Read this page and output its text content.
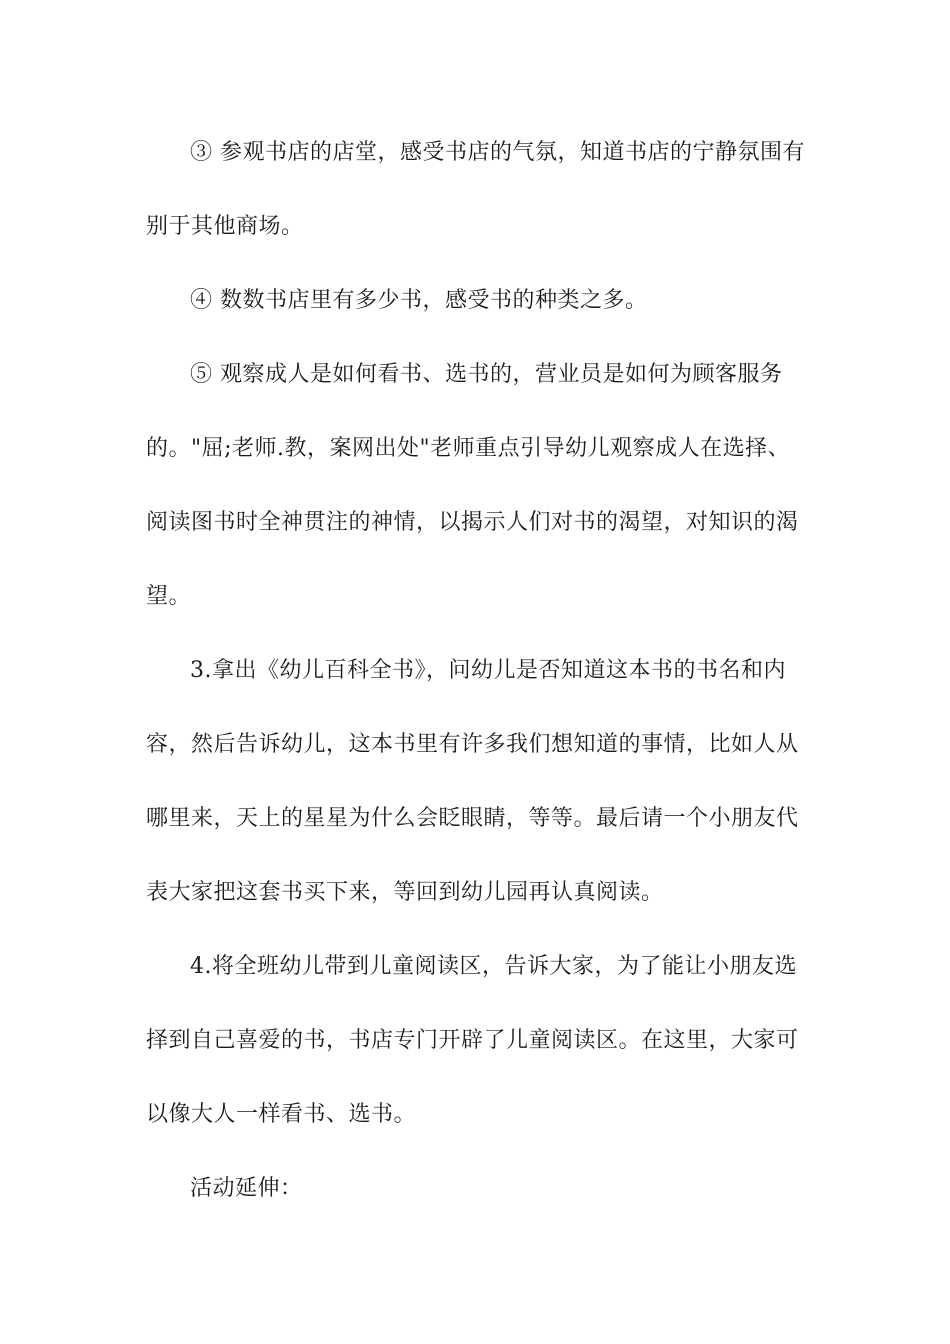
③ 参观书店的店堂，感受书店的气氛，知道书店的宁静氛围有
别于其他商场。
④ 数数书店里有多少书，感受书的种类之多。
⑤ 观察成人是如何看书、选书的，营业员是如何为顾客服务
的。"屈;老师.教，案网出处"老师重点引导幼儿观察成人在选择、
阅读图书时全神贯注的神情，以揭示人们对书的渴望，对知识的渴
望。
3.拿出《幼儿百科全书》，问幼儿是否知道这本书的书名和内
容，然后告诉幼儿，这本书里有许多我们想知道的事情，比如人从
哪里来，天上的星星为什么会眨眼睛，等等。最后请一个小朋友代
表大家把这套书买下来，等回到幼儿园再认真阅读。
4.将全班幼儿带到儿童阅读区，告诉大家，为了能让小朋友选
择到自己喜爱的书，书店专门开辟了儿童阅读区。在这里，大家可
以像大人一样看书、选书。
活动延伸：
